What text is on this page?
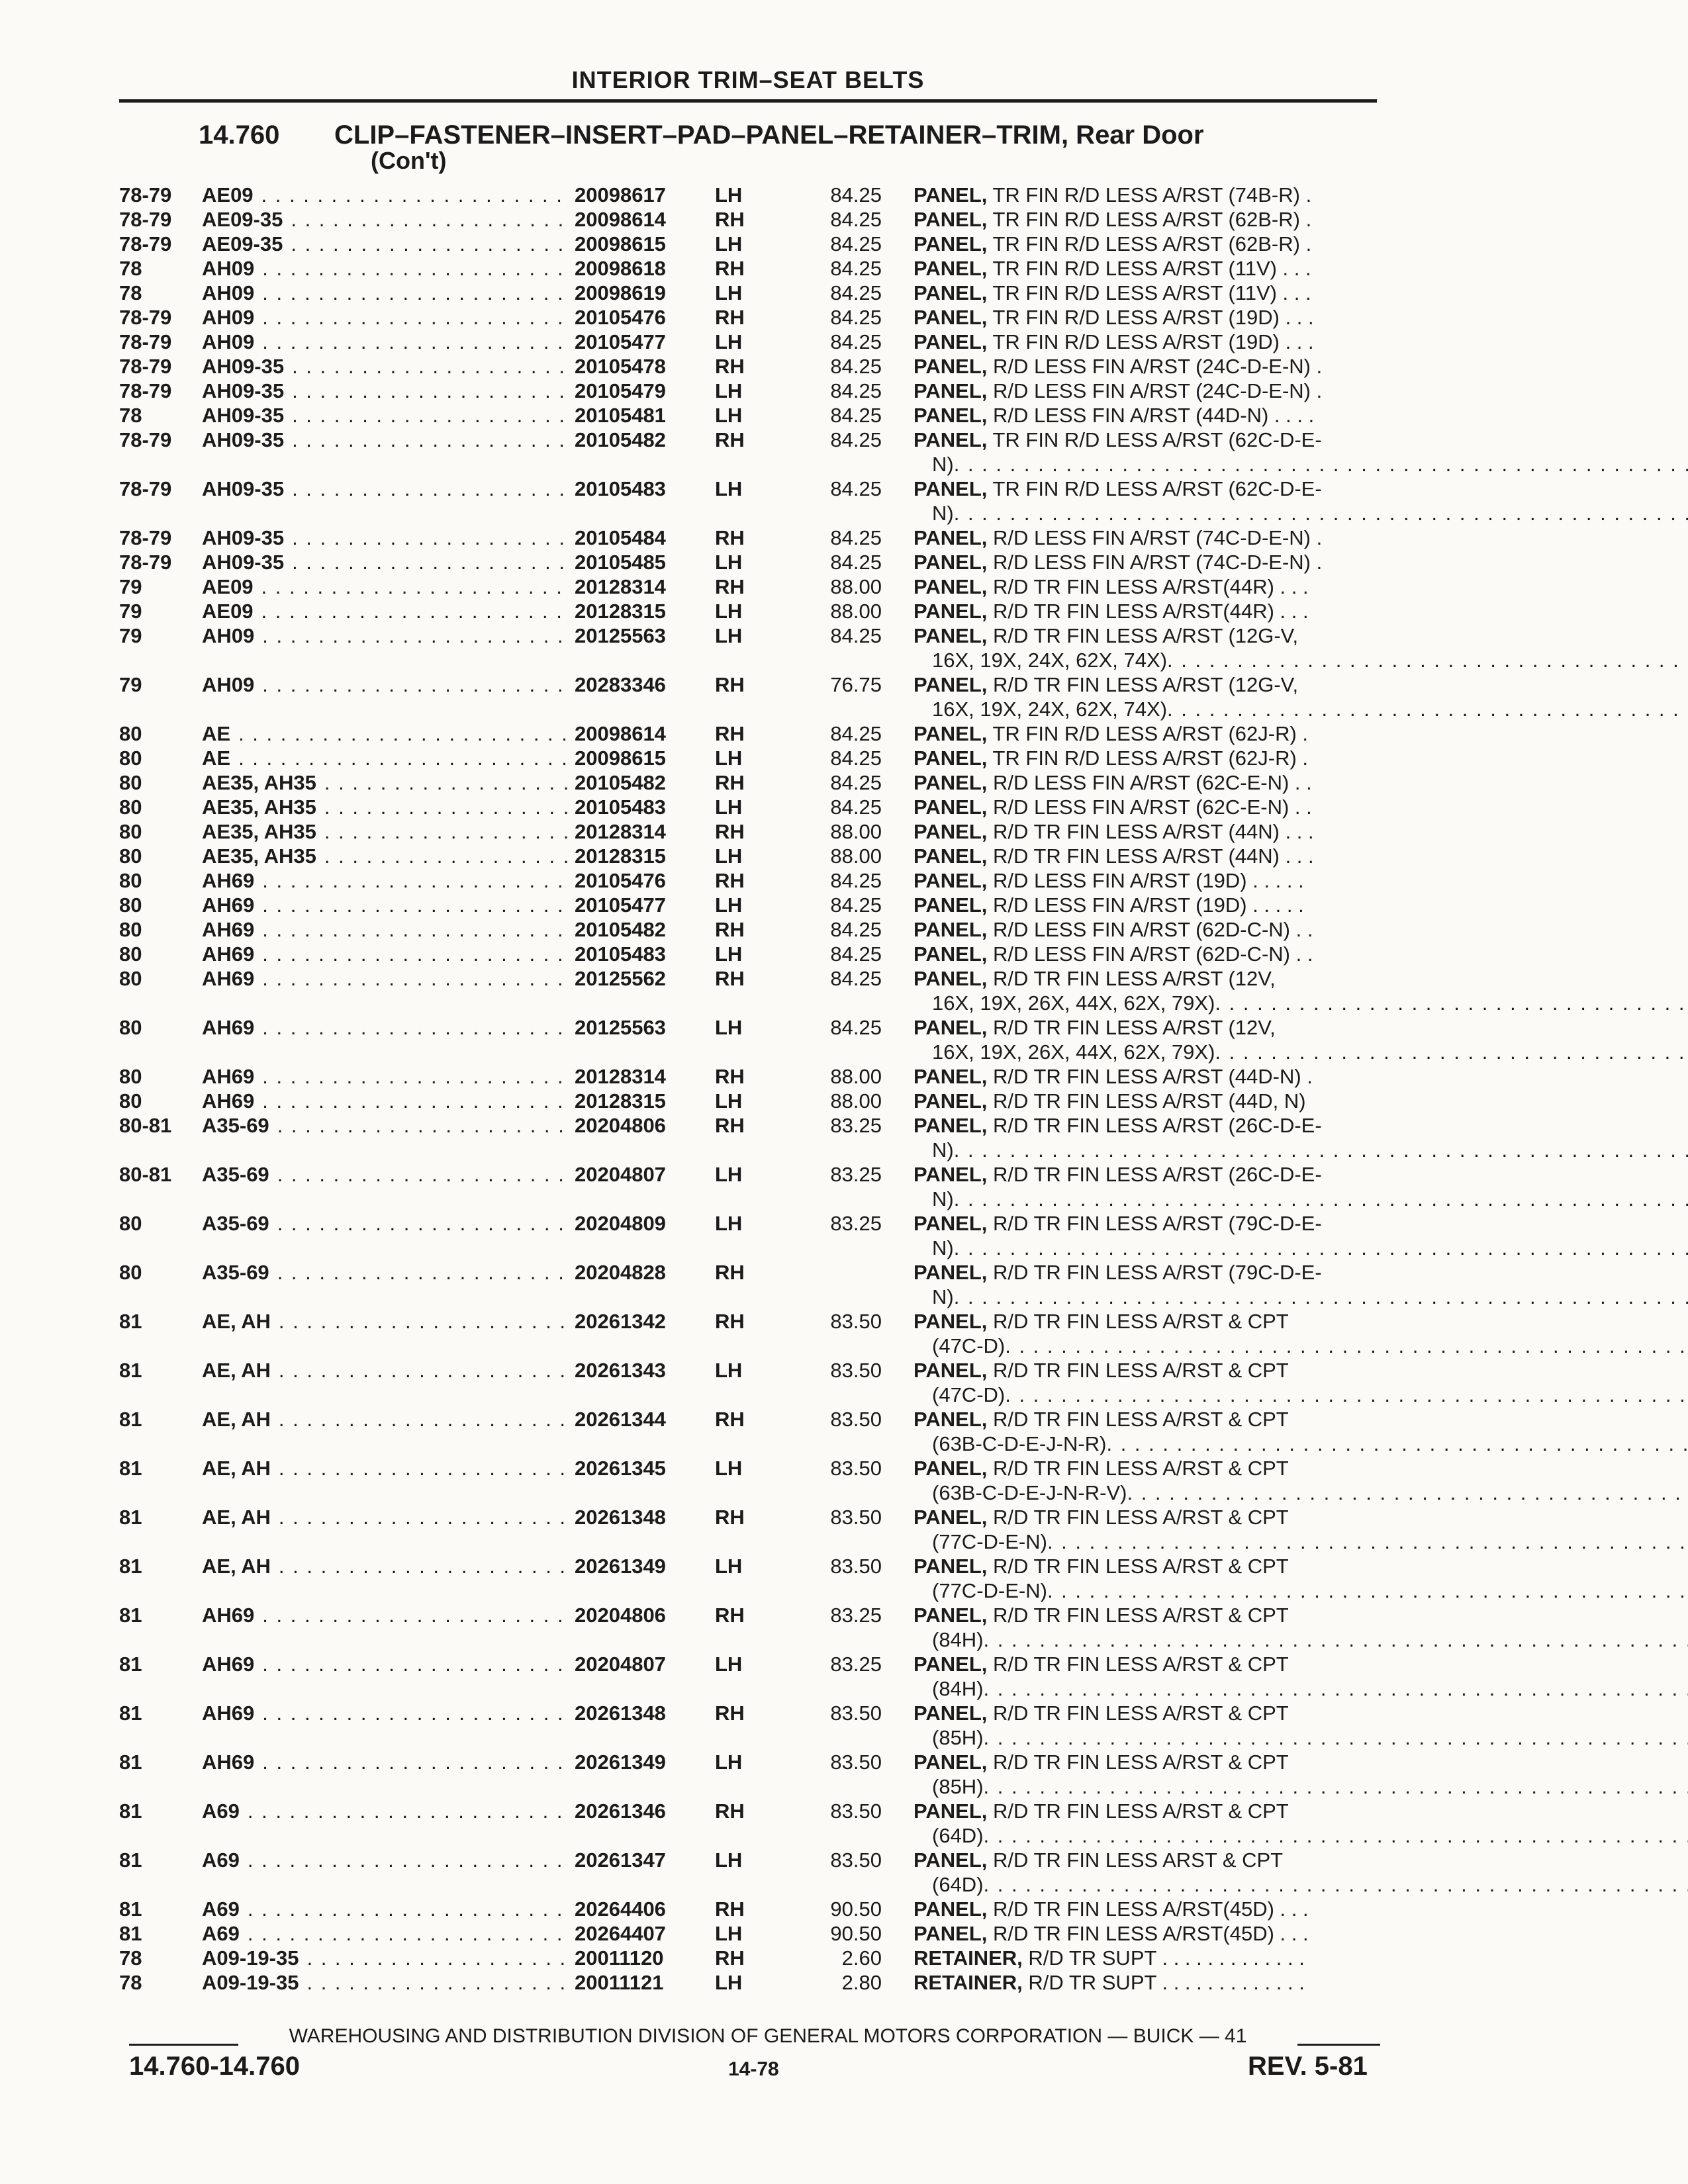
INTERIOR TRIM–SEAT BELTS
14.760 CLIP–FASTENER–INSERT–PAD–PANEL–RETAINER–TRIM, Rear Door
(Con't)
78-79	AE09 . . .	20098617	LH	84.25 PANEL, TR FIN R/D LESS A/RST (74B-R) .
78-79	AE09-35 . . .	20098614	RH	84.25 PANEL, TR FIN R/D LESS A/RST (62B-R) .
78-79	AE09-35 . . .	20098615	LH	84.25 PANEL, TR FIN R/D LESS A/RST (62B-R) .
78	AH09 . . .	20098618	RH	84.25 PANEL, TR FIN R/D LESS A/RST (11V) . . .
78	AH09 . . .	20098619	LH	84.25 PANEL, TR FIN R/D LESS A/RST (11V) . . .
78-79	AH09 . . .	20105476	RH	84.25 PANEL, TR FIN R/D LESS A/RST (19D) . . .
78-79	AH09 . . .	20105477	LH	84.25 PANEL, TR FIN R/D LESS A/RST (19D) . . .
78-79	AH09-35 . . .	20105478	RH	84.25 PANEL, R/D LESS FIN A/RST (24C-D-E-N) .
78-79	AH09-35 . . .	20105479	LH	84.25 PANEL, R/D LESS FIN A/RST (24C-D-E-N) .
78	AH09-35 . . .	20105481	LH	84.25 PANEL, R/D LESS FIN A/RST (44D-N) . . . .
78-79	AH09-35 . . .	20105482	RH	84.25 PANEL, TR FIN R/D LESS A/RST (62C-D-E-
N)
. . .
78-79	AH09-35 . . .	20105483	LH	84.25 PANEL, TR FIN R/D LESS A/RST (62C-D-E-
N)
. . .
78-79	AH09-35 . . .	20105484	RH	84.25 PANEL, R/D LESS FIN A/RST (74C-D-E-N) .
78-79	AH09-35 . . .	20105485	LH	84.25 PANEL, R/D LESS FIN A/RST (74C-D-E-N) .
79	AE09 . . .	20128314	RH	88.00 PANEL, R/D TR FIN LESS A/RST(44R) . . .
79	AE09 . . .	20128315	LH	88.00 PANEL, R/D TR FIN LESS A/RST(44R) . . .
79	AH09 . . .	20125563	LH	84.25 PANEL, R/D TR FIN LESS A/RST (12G-V,
16X, 19X, 24X, 62X, 74X)
. . .
79	AH09 . . .	20283346	RH	76.75 PANEL, R/D TR FIN LESS A/RST (12G-V,
16X, 19X, 24X, 62X, 74X)
. . .
80	AE . . .	20098614	RH	84.25 PANEL, TR FIN R/D LESS A/RST (62J-R) .
80	AE . . .	20098615	LH	84.25 PANEL, TR FIN R/D LESS A/RST (62J-R) .
80	AE35, AH35 . . .	20105482	RH	84.25 PANEL, R/D LESS FIN A/RST (62C-E-N) . .
80	AE35, AH35 . . .	20105483	LH	84.25 PANEL, R/D LESS FIN A/RST (62C-E-N) . .
80	AE35, AH35 . . .	20128314	RH	88.00 PANEL, R/D TR FIN LESS A/RST (44N) . . .
80	AE35, AH35 . . .	20128315	LH	88.00 PANEL, R/D TR FIN LESS A/RST (44N) . . .
80	AH69 . . .	20105476	RH	84.25 PANEL, R/D LESS FIN A/RST (19D) . . . . .
80	AH69 . . .	20105477	LH	84.25 PANEL, R/D LESS FIN A/RST (19D) . . . . .
80	AH69 . . .	20105482	RH	84.25 PANEL, R/D LESS FIN A/RST (62D-C-N) . .
80	AH69 . . .	20105483	LH	84.25 PANEL, R/D LESS FIN A/RST (62D-C-N) . .
80	AH69 . . .	20125562	RH	84.25 PANEL, R/D TR FIN LESS A/RST (12V,
16X, 19X, 26X, 44X, 62X, 79X)
. . .
80	AH69 . . .	20125563	LH	84.25 PANEL, R/D TR FIN LESS A/RST (12V,
16X, 19X, 26X, 44X, 62X, 79X)
. . .
80	AH69 . . .	20128314	RH	88.00 PANEL, R/D TR FIN LESS A/RST (44D-N) .
80	AH69 . . .	20128315	LH	88.00 PANEL, R/D TR FIN LESS A/RST (44D, N)
80-81	A35-69 . . .	20204806	RH	83.25 PANEL, R/D TR FIN LESS A/RST (26C-D-E-
N)
. . .
80-81	A35-69 . . .	20204807	LH	83.25 PANEL, R/D TR FIN LESS A/RST (26C-D-E-
N)
. . .
80	A35-69 . . .	20204809	LH	83.25 PANEL, R/D TR FIN LESS A/RST (79C-D-E-
N)
. . .
80	A35-69 . . .	20204828	RH	PANEL, R/D TR FIN LESS A/RST (79C-D-E-
N)
. . .
81	AE, AH . . .	20261342	RH	83.50 PANEL, R/D TR FIN LESS A/RST & CPT
(47C-D)
. . .
81	AE, AH . . .	20261343	LH	83.50 PANEL, R/D TR FIN LESS A/RST & CPT
(47C-D)
. . .
81	AE, AH . . .	20261344	RH	83.50 PANEL, R/D TR FIN LESS A/RST & CPT
(63B-C-D-E-J-N-R)
. . .
81	AE, AH . . .	20261345	LH	83.50 PANEL, R/D TR FIN LESS A/RST & CPT
(63B-C-D-E-J-N-R-V)
. . .
81	AE, AH . . .	20261348	RH	83.50 PANEL, R/D TR FIN LESS A/RST & CPT
(77C-D-E-N)
. . .
81	AE, AH . . .	20261349	LH	83.50 PANEL, R/D TR FIN LESS A/RST & CPT
(77C-D-E-N)
. . .
81	AH69 . . .	20204806	RH	83.25 PANEL, R/D TR FIN LESS A/RST & CPT
(84H)
. . .
81	AH69 . . .	20204807	LH	83.25 PANEL, R/D TR FIN LESS A/RST & CPT
(84H)
. . .
81	AH69 . . .	20261348	RH	83.50 PANEL, R/D TR FIN LESS A/RST & CPT
(85H)
. . .
81	AH69 . . .	20261349	LH	83.50 PANEL, R/D TR FIN LESS A/RST & CPT
(85H)
. . .
81	A69 . . .	20261346	RH	83.50 PANEL, R/D TR FIN LESS A/RST & CPT
(64D)
. . .
81	A69 . . .	20261347	LH	83.50 PANEL, R/D TR FIN LESS ARST & CPT
(64D)
. . .
81	A69 . . .	20264406	RH	90.50 PANEL, R/D TR FIN LESS A/RST(45D) . . .
81	A69 . . .	20264407	LH	90.50 PANEL, R/D TR FIN LESS A/RST(45D) . . .
78	A09-19-35 . . .	20011120	RH	2.60 RETAINER, R/D TR SUPT . . . . . . . . . . . . .
78	A09-19-35 . . .	20011121	LH	2.80 RETAINER, R/D TR SUPT . . . . . . . . . . . . .
WAREHOUSING AND DISTRIBUTION DIVISION OF GENERAL MOTORS CORPORATION — BUICK — 41
14.760-14.760	14-78	REV. 5-81
